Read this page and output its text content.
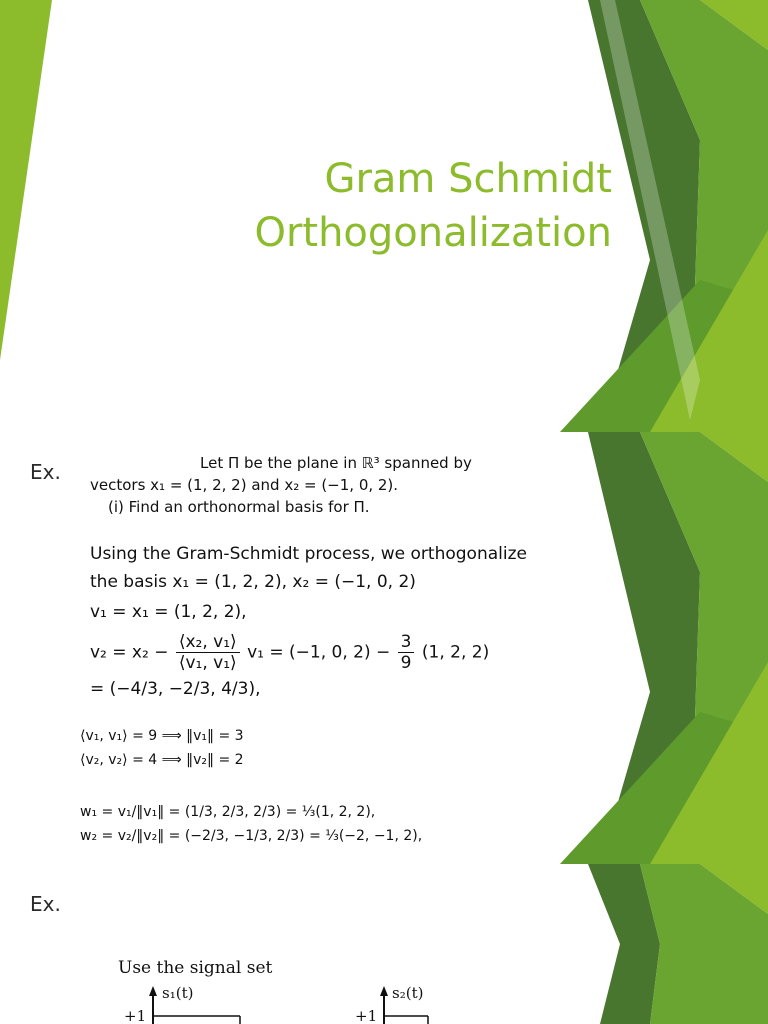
Gram Schmidt
Orthogonalization
Ex.	Let Π be the plane in ℝ³ spanned by
vectors x₁ = (1, 2, 2) and x₂ = (−1, 0, 2).
(i) Find an orthonormal basis for Π.
Using the Gram-Schmidt process, we orthogonalize
the basis x₁ = (1, 2, 2), x₂ = (−1, 0, 2)
v₁ = x₁ = (1, 2, 2),
$v_2 = x_2 - \frac{\text{⟨x₂, v₁⟩}}{\text{⟨v₁, v₁⟩}} v_1 = (-1$, 0, $2) - \frac{3}{9} (1$, 2, 2)
= (−4/3, −2/3, 4/3),
⟨v₁, v₁⟩ = 9 ⟹ ‖v₁‖ = 3
⟨v₂, v₂⟩ = 4 ⟹ ‖v₂‖ = 2
w₁ = v₁/‖v₁‖ = (1/3, 2/3, 2/3) = ⅓(1, 2, 2),
w₂ = v₂/‖v₂‖ = (−2/3, −1/3, 2/3) = ⅓(−2, −1, 2),
Ex.
Use the signal set
s₁(t)	s₂(t)
+1	+1
